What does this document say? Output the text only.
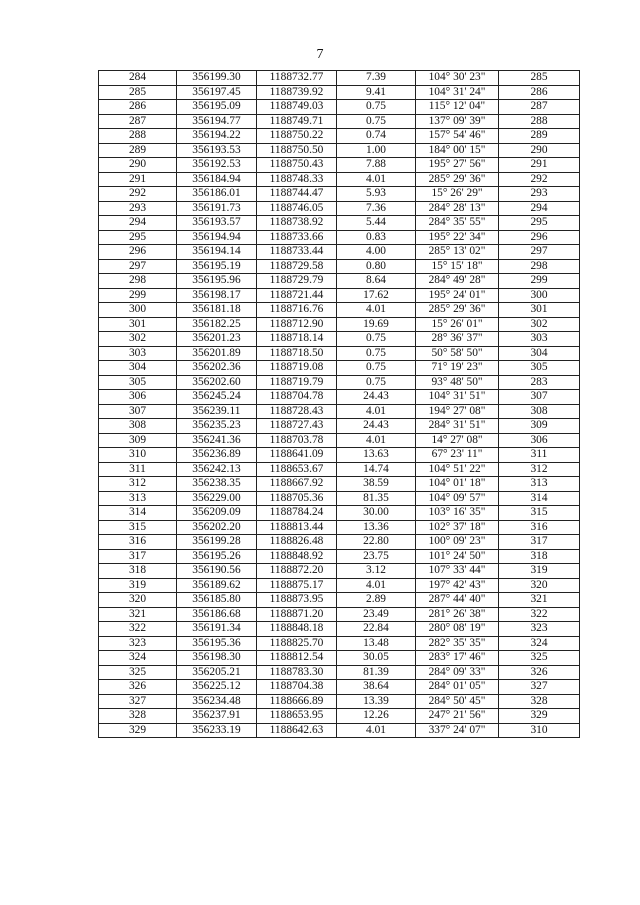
7
284	356199.30	1188732.77	7.39	104° 30' 23"	285
285	356197.45	1188739.92	9.41	104° 31' 24"	286
286	356195.09	1188749.03	0.75	115° 12' 04"	287
287	356194.77	1188749.71	0.75	137° 09' 39"	288
288	356194.22	1188750.22	0.74	157° 54' 46"	289
289	356193.53	1188750.50	1.00	184° 00' 15"	290
290	356192.53	1188750.43	7.88	195° 27' 56"	291
291	356184.94	1188748.33	4.01	285° 29' 36"	292
292	356186.01	1188744.47	5.93	15° 26' 29"	293
293	356191.73	1188746.05	7.36	284° 28' 13"	294
294	356193.57	1188738.92	5.44	284° 35' 55"	295
295	356194.94	1188733.66	0.83	195° 22' 34"	296
296	356194.14	1188733.44	4.00	285° 13' 02"	297
297	356195.19	1188729.58	0.80	15° 15' 18"	298
298	356195.96	1188729.79	8.64	284° 49' 28"	299
299	356198.17	1188721.44	17.62	195° 24' 01"	300
300	356181.18	1188716.76	4.01	285° 29' 36"	301
301	356182.25	1188712.90	19.69	15° 26' 01"	302
302	356201.23	1188718.14	0.75	28° 36' 37"	303
303	356201.89	1188718.50	0.75	50° 58' 50"	304
304	356202.36	1188719.08	0.75	71° 19' 23"	305
305	356202.60	1188719.79	0.75	93° 48' 50"	283
306	356245.24	1188704.78	24.43	104° 31' 51"	307
307	356239.11	1188728.43	4.01	194° 27' 08"	308
308	356235.23	1188727.43	24.43	284° 31' 51"	309
309	356241.36	1188703.78	4.01	14° 27' 08"	306
310	356236.89	1188641.09	13.63	67° 23' 11"	311
311	356242.13	1188653.67	14.74	104° 51' 22"	312
312	356238.35	1188667.92	38.59	104° 01' 18"	313
313	356229.00	1188705.36	81.35	104° 09' 57"	314
314	356209.09	1188784.24	30.00	103° 16' 35"	315
315	356202.20	1188813.44	13.36	102° 37' 18"	316
316	356199.28	1188826.48	22.80	100° 09' 23"	317
317	356195.26	1188848.92	23.75	101° 24' 50"	318
318	356190.56	1188872.20	3.12	107° 33' 44"	319
319	356189.62	1188875.17	4.01	197° 42' 43"	320
320	356185.80	1188873.95	2.89	287° 44' 40"	321
321	356186.68	1188871.20	23.49	281° 26' 38"	322
322	356191.34	1188848.18	22.84	280° 08' 19"	323
323	356195.36	1188825.70	13.48	282° 35' 35"	324
324	356198.30	1188812.54	30.05	283° 17' 46"	325
325	356205.21	1188783.30	81.39	284° 09' 33"	326
326	356225.12	1188704.38	38.64	284° 01' 05"	327
327	356234.48	1188666.89	13.39	284° 50' 45"	328
328	356237.91	1188653.95	12.26	247° 21' 56"	329
329	356233.19	1188642.63	4.01	337° 24' 07"	310
